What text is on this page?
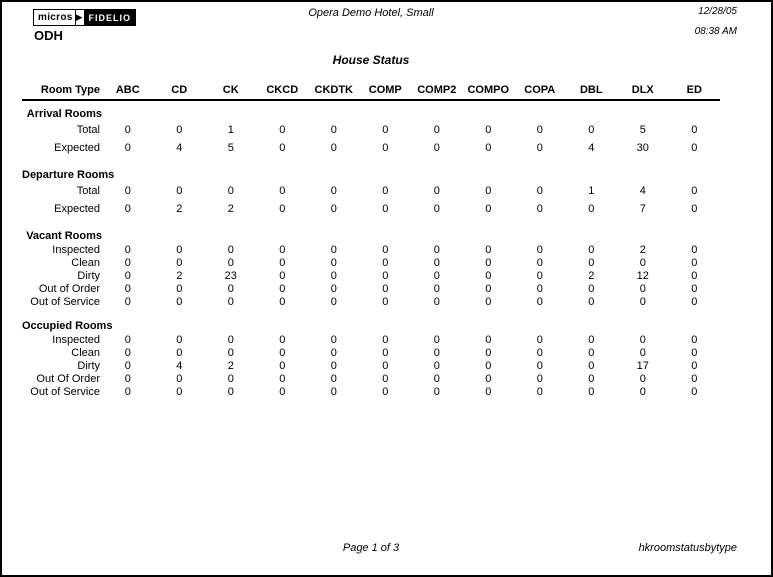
micros ▶ FIDELIO
ODH
Opera Demo Hotel, Small	12/28/05
08:38 AM
House Status
Room Type	ABC	CD	CK	CKCD	CKDTK	COMP	COMP2	COMPO	COPA	DBL	DLX	ED
Arrival Rooms												
Total	0	0	1	0	0	0	0	0	0	0	5	0
Expected	0	4	5	0	0	0	0	0	0	4	30	0
Departure Rooms												
Total	0	0	0	0	0	0	0	0	0	1	4	0
Expected	0	2	2	0	0	0	0	0	0	0	7	0
Vacant Rooms												
Inspected	0	0	0	0	0	0	0	0	0	0	2	0
Clean	0	0	0	0	0	0	0	0	0	0	0	0
Dirty	0	2	23	0	0	0	0	0	0	2	12	0
Out of Order	0	0	0	0	0	0	0	0	0	0	0	0
Out of Service	0	0	0	0	0	0	0	0	0	0	0	0
Occupied Rooms												
Inspected	0	0	0	0	0	0	0	0	0	0	0	0
Clean	0	0	0	0	0	0	0	0	0	0	0	0
Dirty	0	4	2	0	0	0	0	0	0	0	17	0
Out Of Order	0	0	0	0	0	0	0	0	0	0	0	0
Out of Service	0	0	0	0	0	0	0	0	0	0	0	0
Page 1 of 3	hkroomstatusbytype
